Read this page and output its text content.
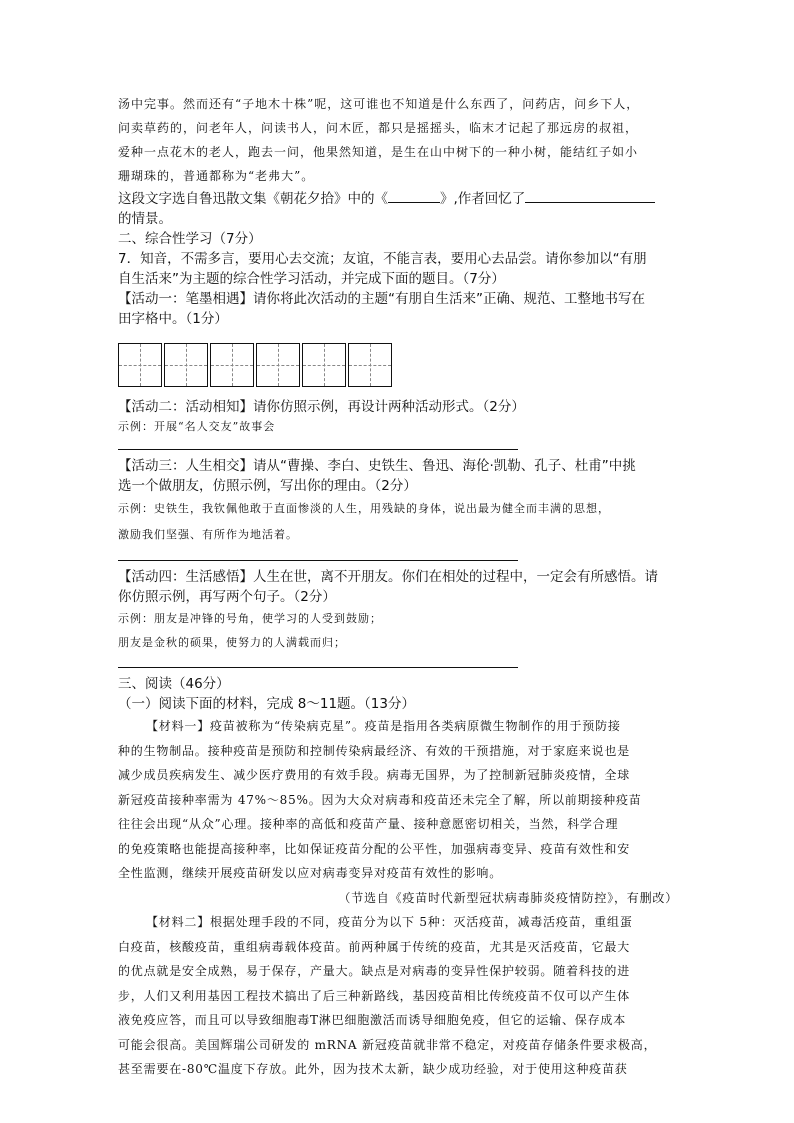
汤中完事。然而还有“子地木十株”呢，这可谁也不知道是什么东西了，问药店，问乡下人，

问卖草药的，问老年人，问读书人，问木匠，都只是摇摇头，临末才记起了那远房的叔祖，

爱种一点花木的老人，跑去一问，他果然知道，是生在山中树下的一种小树，能结红子如小

珊瑚珠的，普通都称为“老弗大”。

这段文字选自鲁迅散文集《朝花夕拾》中的《	》,作者回忆了
的情景。

二、综合性学习（7分）

7．知音，不需多言，要用心去交流；友谊，不能言表，要用心去品尝。请你参加以“有朋

自生活来”为主题的综合性学习活动，并完成下面的题目。（7分）

【活动一：笔墨相遇】请你将此次活动的主题“有朋自生活来”正确、规范、工整地书写在

田字格中。（1分）

【活动二：活动相知】请你仿照示例，再设计两种活动形式。（2分）

示例：开展“名人交友”故事会

【活动三：人生相交】请从“曹操、李白、史铁生、鲁迅、海伦·凯勒、孔子、杜甫”中挑

选一个做朋友，仿照示例，写出你的理由。（2分）

示例：史铁生，我钦佩他敢于直面惨淡的人生，用残缺的身体，说出最为健全而丰满的思想，

激励我们坚强、有所作为地活着。

【活动四：生活感悟】人生在世，离不开朋友。你们在相处的过程中，一定会有所感悟。请

你仿照示例，再写两个句子。（2分）

示例：朋友是冲锋的号角，使学习的人受到鼓励；

朋友是金秋的硕果，使努力的人满载而归；

三、阅读（46分）

（一）阅读下面的材料，完成 8～11题。（13分）

【材料一】疫苗被称为“传染病克星”。疫苗是指用各类病原微生物制作的用于预防接

种的生物制品。接种疫苗是预防和控制传染病最经济、有效的干预措施，对于家庭来说也是

减少成员疾病发生、减少医疗费用的有效手段。病毒无国界，为了控制新冠肺炎疫情，全球

新冠疫苗接种率需为 47%～85%。因为大众对病毒和疫苗还未完全了解，所以前期接种疫苗

往往会出现“从众”心理。接种率的高低和疫苗产量、接种意愿密切相关，当然，科学合理

的免疫策略也能提高接种率，比如保证疫苗分配的公平性，加强病毒变异、疫苗有效性和安

全性监测，继续开展疫苗研发以应对病毒变异对疫苗有效性的影响。

（节选自《疫苗时代新型冠状病毒肺炎疫情防控》，有删改）

【材料二】根据处理手段的不同，疫苗分为以下 5种：灭活疫苗，减毒活疫苗，重组蛋

白疫苗，核酸疫苗，重组病毒载体疫苗。前两种属于传统的疫苗，尤其是灭活疫苗，它最大

的优点就是安全成熟，易于保存，产量大。缺点是对病毒的变异性保护较弱。随着科技的进

步，人们又利用基因工程技术搞出了后三种新路线，基因疫苗相比传统疫苗不仅可以产生体

液免疫应答，而且可以导致细胞毒T淋巴细胞激活而诱导细胞免疫，但它的运输、保存成本

可能会很高。美国辉瑞公司研发的 mRNA 新冠疫苗就非常不稳定，对疫苗存储条件要求极高，

甚至需要在-80℃温度下存放。此外，因为技术太新，缺少成功经验，对于使用这种疫苗获
